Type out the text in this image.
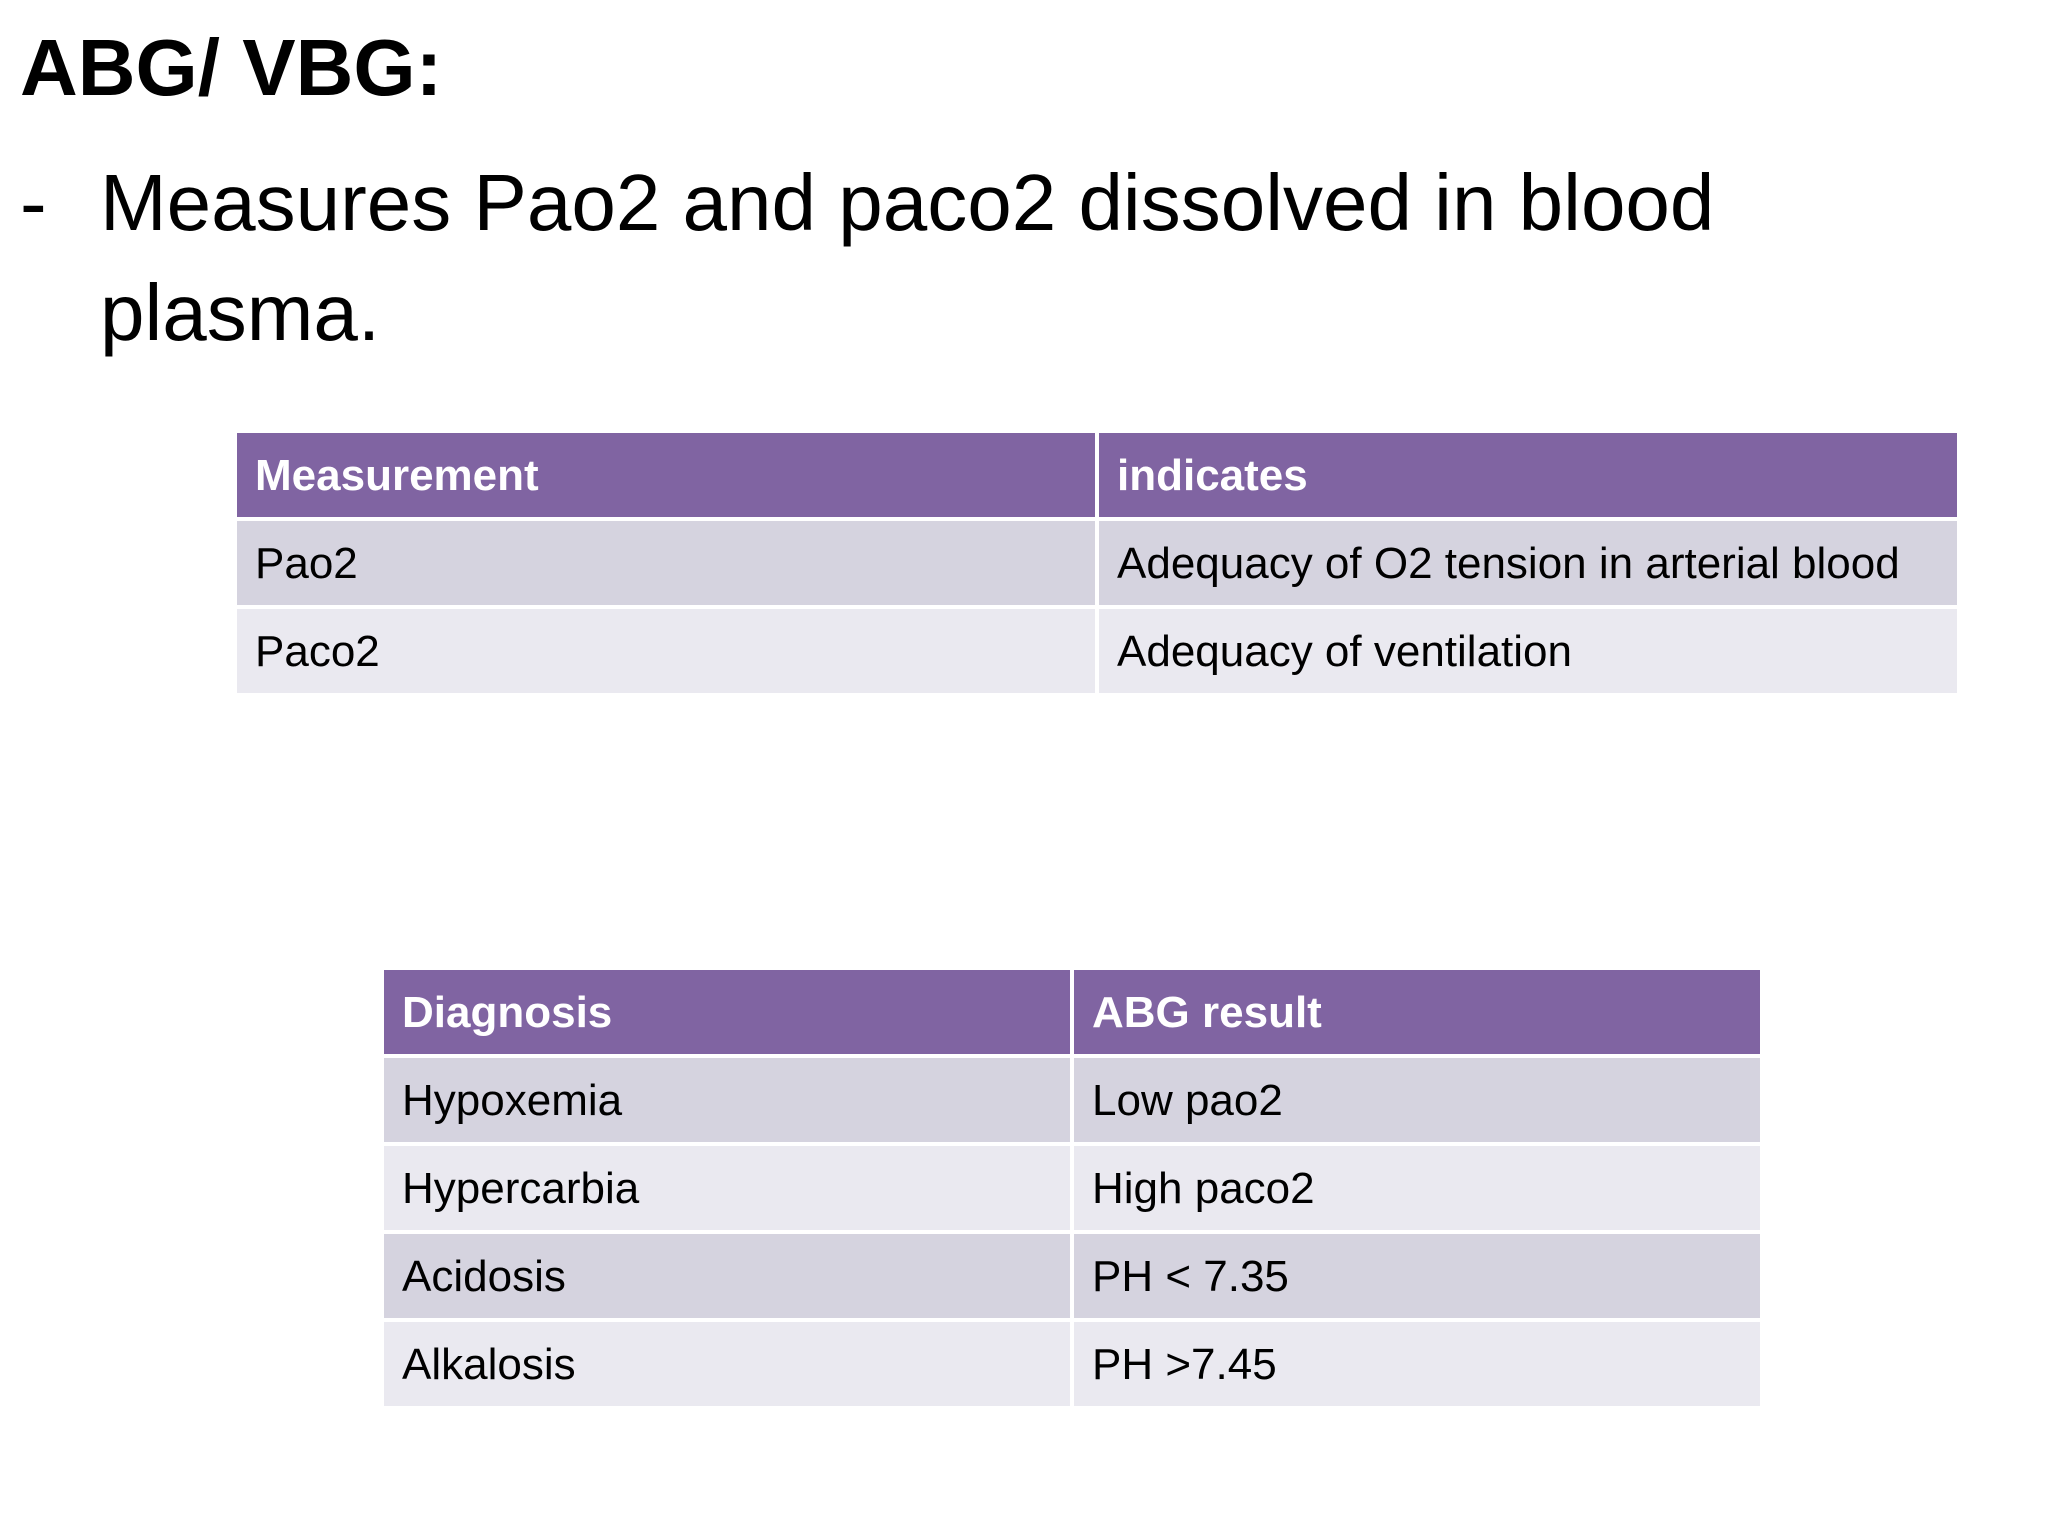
ABG/ VBG:
- Measures Pao2 and paco2 dissolved in blood plasma.
Measurement	indicates
Pao2	Adequacy of O2 tension in arterial blood
Paco2	Adequacy of ventilation
Diagnosis	ABG result
Hypoxemia	Low pao2
Hypercarbia	High paco2
Acidosis	PH < 7.35
Alkalosis	PH >7.45
